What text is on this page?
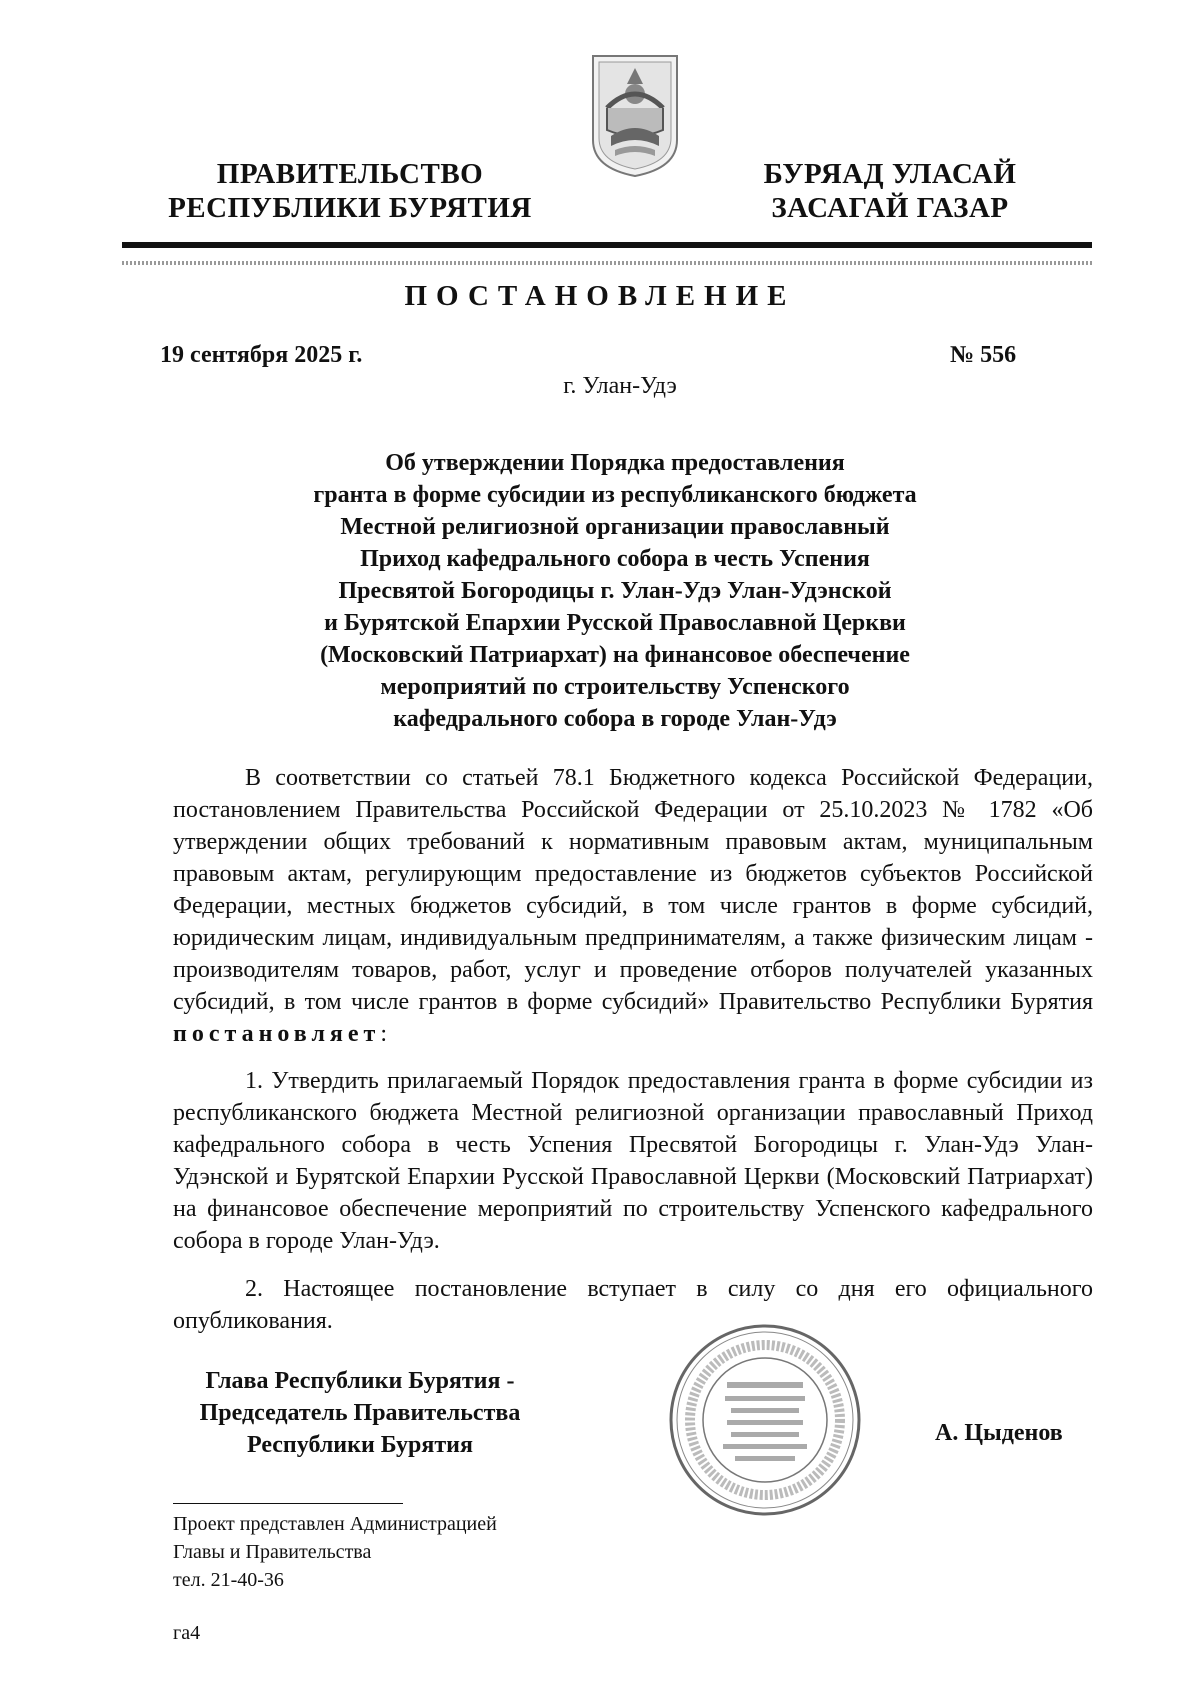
ПРАВИТЕЛЬСТВО
РЕСПУБЛИКИ БУРЯТИЯ
БУРЯАД УЛАСАЙ
ЗАСАГАЙ ГАЗАР
ПОСТАНОВЛЕНИЕ
19 сентября 2025 г.	№ 556
г. Улан-Удэ
Об утверждении Порядка предоставления
гранта в форме субсидии из республиканского бюджета
Местной религиозной организации православный
Приход кафедрального собора в честь Успения
Пресвятой Богородицы г. Улан-Удэ Улан-Удэнской
и Бурятской Епархии Русской Православной Церкви
(Московский Патриархат) на финансовое обеспечение
мероприятий по строительству Успенского
кафедрального собора в городе Улан-Удэ

В соответствии со статьей 78.1 Бюджетного кодекса Российской Федерации, постановлением Правительства Российской Федерации от 25.10.2023 № 1782 «Об утверждении общих требований к нормативным правовым актам, муниципальным правовым актам, регулирующим предоставление из бюджетов субъектов Российской Федерации, местных бюджетов субсидий, в том числе грантов в форме субсидий, юридическим лицам, индивидуальным предпринимателям, а также физическим лицам - производителям товаров, работ, услуг и проведение отборов получателей указанных субсидий, в том числе грантов в форме субсидий» Правительство Республики Бурятия постановляет:

1. Утвердить прилагаемый Порядок предоставления гранта в форме субсидии из республиканского бюджета Местной религиозной организации православный Приход кафедрального собора в честь Успения Пресвятой Богородицы г. Улан-Удэ Улан-Удэнской и Бурятской Епархии Русской Православной Церкви (Московский Патриархат) на финансовое обеспечение мероприятий по строительству Успенского кафедрального собора в городе Улан-Удэ.

2. Настоящее постановление вступает в силу со дня его официального опубликования.

Глава Республики Бурятия -
Председатель Правительства
Республики Бурятия	А. Цыденов
Проект представлен Администрацией
Главы и Правительства
тел. 21-40-36
га4
